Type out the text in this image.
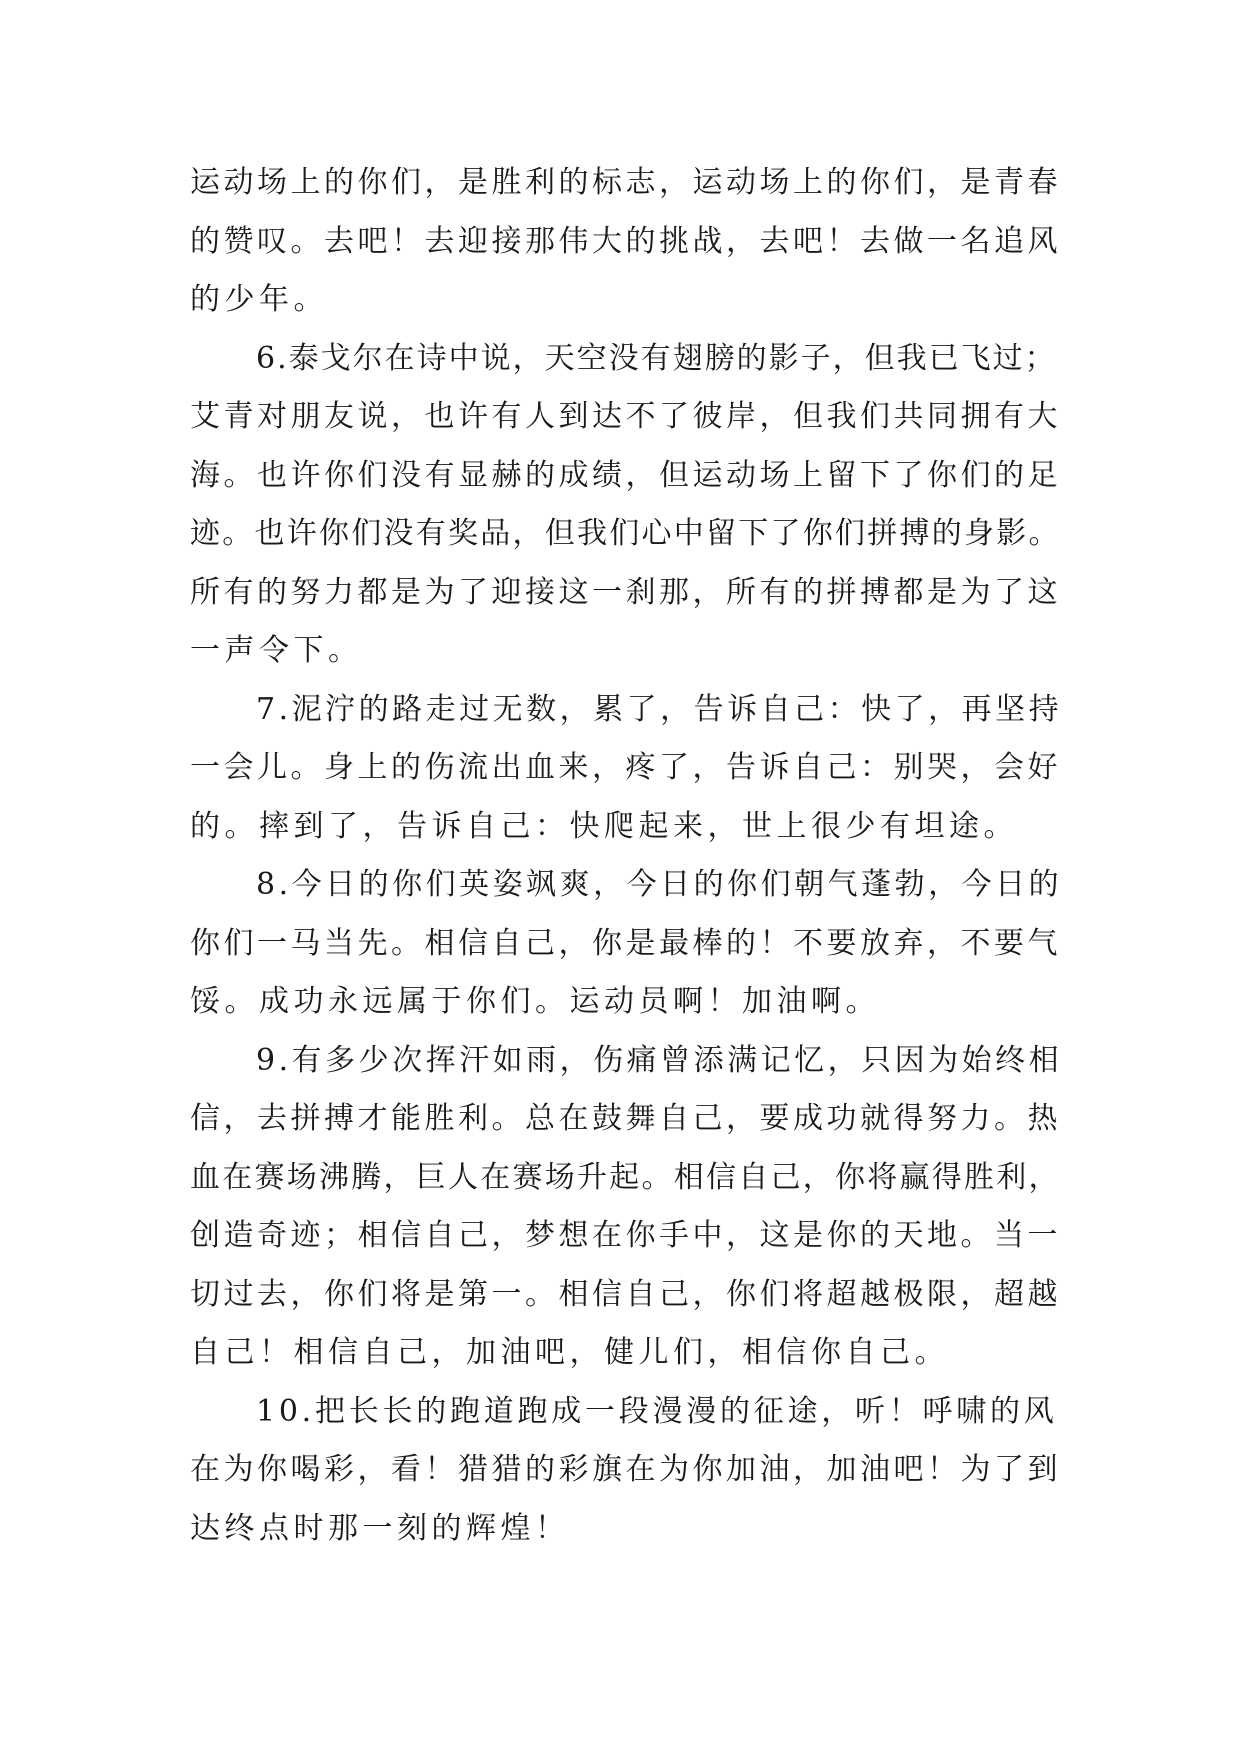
运动场上的你们，是胜利的标志，运动场上的你们，是青春
的赞叹。去吧！去迎接那伟大的挑战，去吧！去做一名追风
的少年。
6.泰戈尔在诗中说，天空没有翅膀的影子，但我已飞过；
艾青对朋友说，也许有人到达不了彼岸，但我们共同拥有大
海。也许你们没有显赫的成绩，但运动场上留下了你们的足
迹。也许你们没有奖品，但我们心中留下了你们拼搏的身影。
所有的努力都是为了迎接这一刹那，所有的拼搏都是为了这
一声令下。
7.泥泞的路走过无数，累了，告诉自己：快了，再坚持
一会儿。身上的伤流出血来，疼了，告诉自己：别哭，会好
的。摔到了，告诉自己：快爬起来，世上很少有坦途。
8.今日的你们英姿飒爽，今日的你们朝气蓬勃，今日的
你们一马当先。相信自己，你是最棒的！不要放弃，不要气
馁。成功永远属于你们。运动员啊！加油啊。
9.有多少次挥汗如雨，伤痛曾添满记忆，只因为始终相
信，去拼搏才能胜利。总在鼓舞自己，要成功就得努力。热
血在赛场沸腾，巨人在赛场升起。相信自己，你将赢得胜利，
创造奇迹；相信自己，梦想在你手中，这是你的天地。当一
切过去，你们将是第一。相信自己，你们将超越极限，超越
自己！相信自己，加油吧，健儿们，相信你自己。
10.把长长的跑道跑成一段漫漫的征途，听！呼啸的风
在为你喝彩，看！猎猎的彩旗在为你加油，加油吧！为了到
达终点时那一刻的辉煌！
